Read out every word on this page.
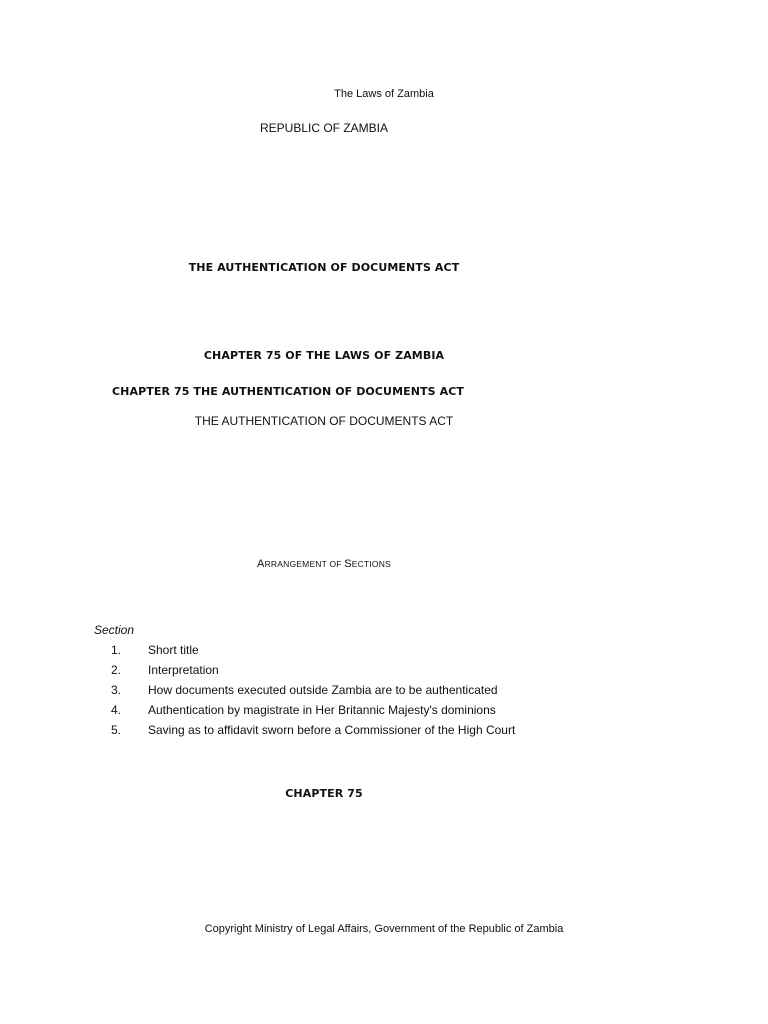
The Laws of Zambia
REPUBLIC OF ZAMBIA
THE AUTHENTICATION OF DOCUMENTS ACT
CHAPTER 75 OF THE LAWS OF ZAMBIA
CHAPTER 75 THE AUTHENTICATION OF DOCUMENTS ACT
THE AUTHENTICATION OF DOCUMENTS ACT
ARRANGEMENT OF SECTIONS
Section
1. Short title
2. Interpretation
3. How documents executed outside Zambia are to be authenticated
4. Authentication by magistrate in Her Britannic Majesty's dominions
5. Saving as to affidavit sworn before a Commissioner of the High Court
CHAPTER 75
Copyright Ministry of Legal Affairs, Government of the Republic of Zambia
